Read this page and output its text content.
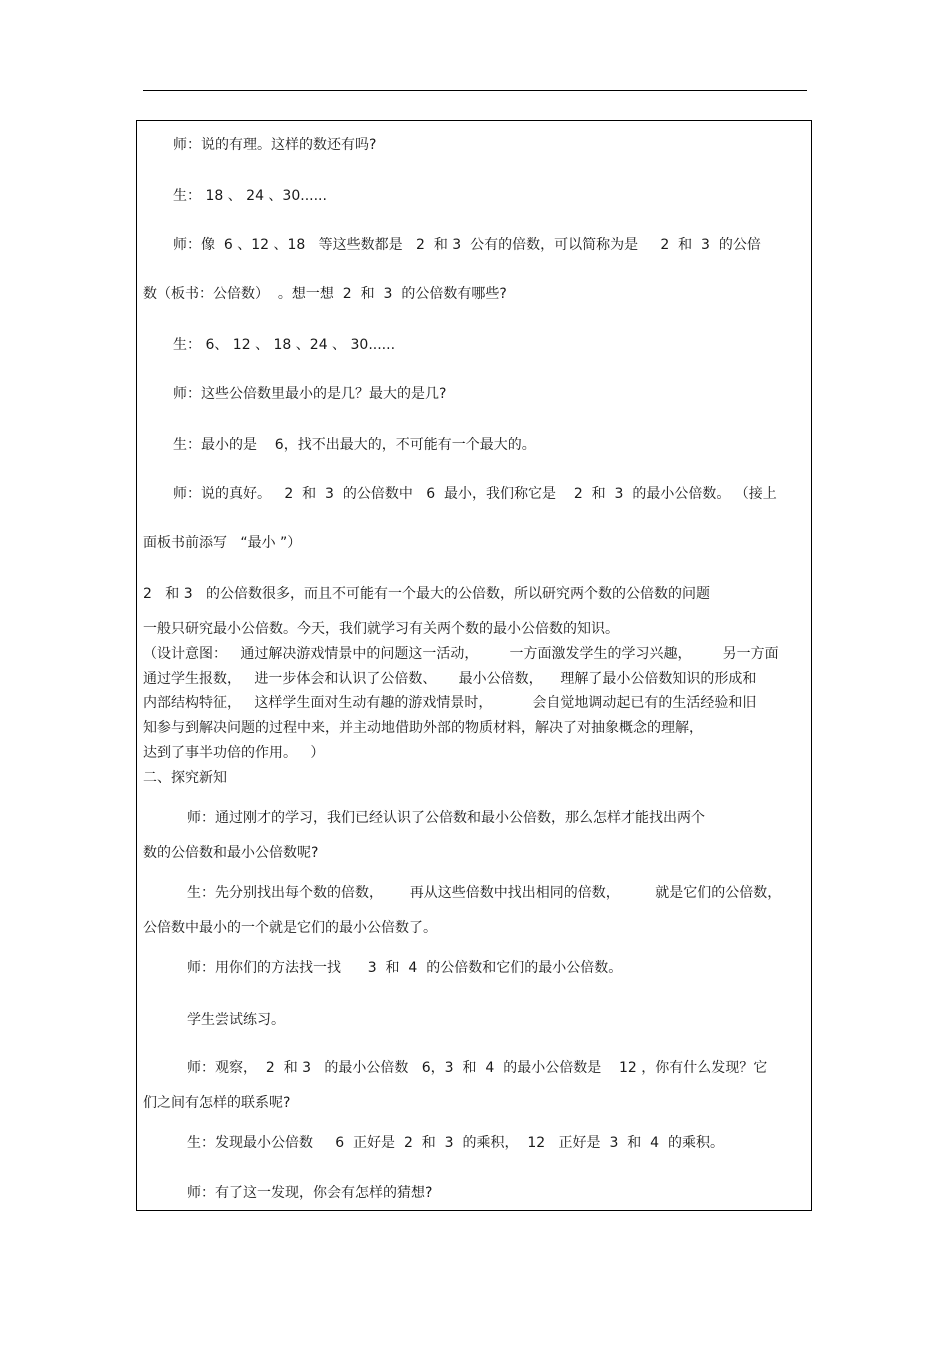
师：说的有理。这样的数还有吗?
生： 18 、 24 、30......
师：像  6 、12 、18   等这些数都是   2  和 3  公有的倍数，可以简称为是     2  和  3  的公倍
数（板书：公倍数）  。想一想  2  和  3  的公倍数有哪些?
生： 6、 12 、 18 、24 、 30......
师：这些公倍数里最小的是几？最大的是几?
生：最小的是    6，找不出最大的，不可能有一个最大的。
师：说的真好。   2  和  3  的公倍数中   6  最小，我们称它是    2  和  3  的最小公倍数。 （接上
面板书前添写   “最小 ”）
2   和 3   的公倍数很多，而且不可能有一个最大的公倍数，所以研究两个数的公倍数的问题
一般只研究最小公倍数。今天，我们就学习有关两个数的最小公倍数的知识。
（设计意图：   通过解决游戏情景中的问题这一活动，       一方面激发学生的学习兴趣，       另一方面
通过学生报数，   进一步体会和认识了公倍数、     最小公倍数，    理解了最小公倍数知识的形成和
内部结构特征，   这样学生面对生动有趣的游戏情景时，         会自觉地调动起已有的生活经验和旧
知参与到解决问题的过程中来，并主动地借助外部的物质材料，解决了对抽象概念的理解，
达到了事半功倍的作用。   ）
二、探究新知
师：通过刚才的学习，我们已经认识了公倍数和最小公倍数，那么怎样才能找出两个
数的公倍数和最小公倍数呢?
生：先分别找出每个数的倍数，      再从这些倍数中找出相同的倍数，        就是它们的公倍数，
公倍数中最小的一个就是它们的最小公倍数了。
师：用你们的方法找一找      3  和  4  的公倍数和它们的最小公倍数。
学生尝试练习。
师：观察，  2  和 3   的最小公倍数   6，3  和  4  的最小公倍数是    12 ，你有什么发现？它
们之间有怎样的联系呢?
生：发现最小公倍数     6  正好是  2  和  3  的乘积，  12   正好是  3  和  4  的乘积。
师：有了这一发现，你会有怎样的猜想?
